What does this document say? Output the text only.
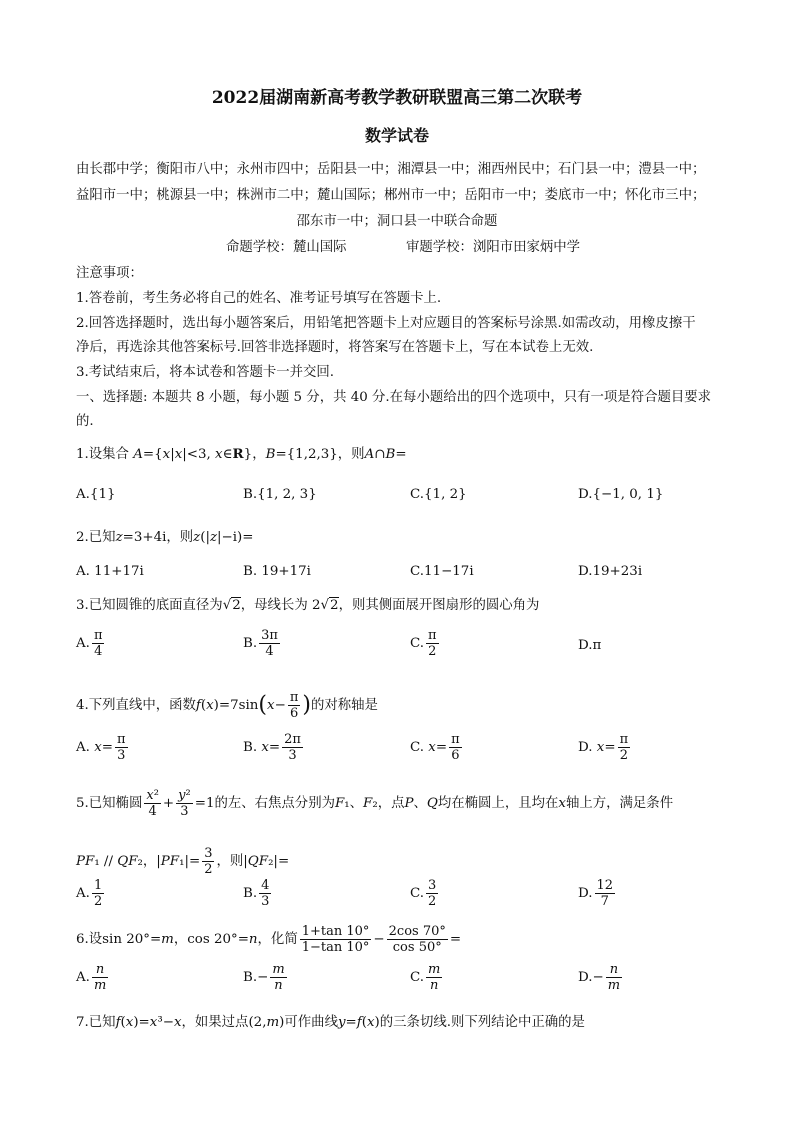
2022届湖南新高考教学教研联盟高三第二次联考
数学试卷
由长郡中学；衡阳市八中；永州市四中；岳阳县一中；湘潭县一中；湘西州民中；石门县一中；澧县一中；
益阳市一中；桃源县一中；株洲市二中；麓山国际；郴州市一中；岳阳市一中；娄底市一中；怀化市三中；
邵东市一中；洞口县一中联合命题
命题学校：麓山国际	审题学校：浏阳市田家炳中学
注意事项：
1.答卷前，考生务必将自己的姓名、准考证号填写在答题卡上.
2.回答选择题时，选出每小题答案后，用铅笔把答题卡上对应题目的答案标号涂黑.如需改动，用橡皮擦干
净后，再选涂其他答案标号.回答非选择题时，将答案写在答题卡上，写在本试卷上无效.
3.考试结束后，将本试卷和答题卡一并交回.
一、选择题: 本题共 8 小题，每小题 5 分，共 40 分.在每小题给出的四个选项中，只有一项是符合题目要求
的.
1.设集合 A={x|x|<3, x∈R}，B={1,2,3}，则A∩B=
A.{1}	B.{1, 2, 3}	C.{1, 2}	D.{−1, 0, 1}
2.已知z=3+4i，则z(|z|−i)=
A. 11+17i	B. 19+17i	C.11−17i	D.19+23i
3.已知圆锥的底面直径为√2，母线长为 2√2，则其侧面展开图扇形的圆心角为
A. $\frac{\pi}{4}$	B. $\frac{3\pi}{4}$	C. $\frac{\pi}{2}$	D.π
4.下列直线中，函数$f(x)=7\sin(x- \frac{\pi}{6}$ )的对称轴是
A. $x= \frac{\pi}{3}$	B. $x= \frac{2\pi}{3}$	C. $x= \frac{\pi}{6}$	D. $x= \frac{\pi}{2}$
5.已知椭圆 $\frac{\text{x²}}{4} + \frac{\text{y²}}{3} =1$的左、右焦点分别为F₁、F₂，点P、Q均在椭圆上，且均在x轴上方，满足条件
PF₁ // QF₂，$|PF_1|= \frac{3}{2}$ ，则|QF₂|=
A. $\frac{1}{2}$	B. $\frac{4}{3}$	C. $\frac{3}{2}$	D. $\frac{12}{7}$
6.设sin 20°=m，cos 20°=n，化简 $\frac{1+\tan 10^\circ}{1-\tan 10^\circ} - \frac{2\cos 70^\circ}{\cos 50^\circ}$ =
A. $\frac{n}{m}$	$B.- \frac{m}{n}$	C. $\frac{m}{n}$	$D.- \frac{n}{m}$
7.已知f(x)=x³−x，如果过点(2,m)可作曲线y=f(x)的三条切线.则下列结论中正确的是
